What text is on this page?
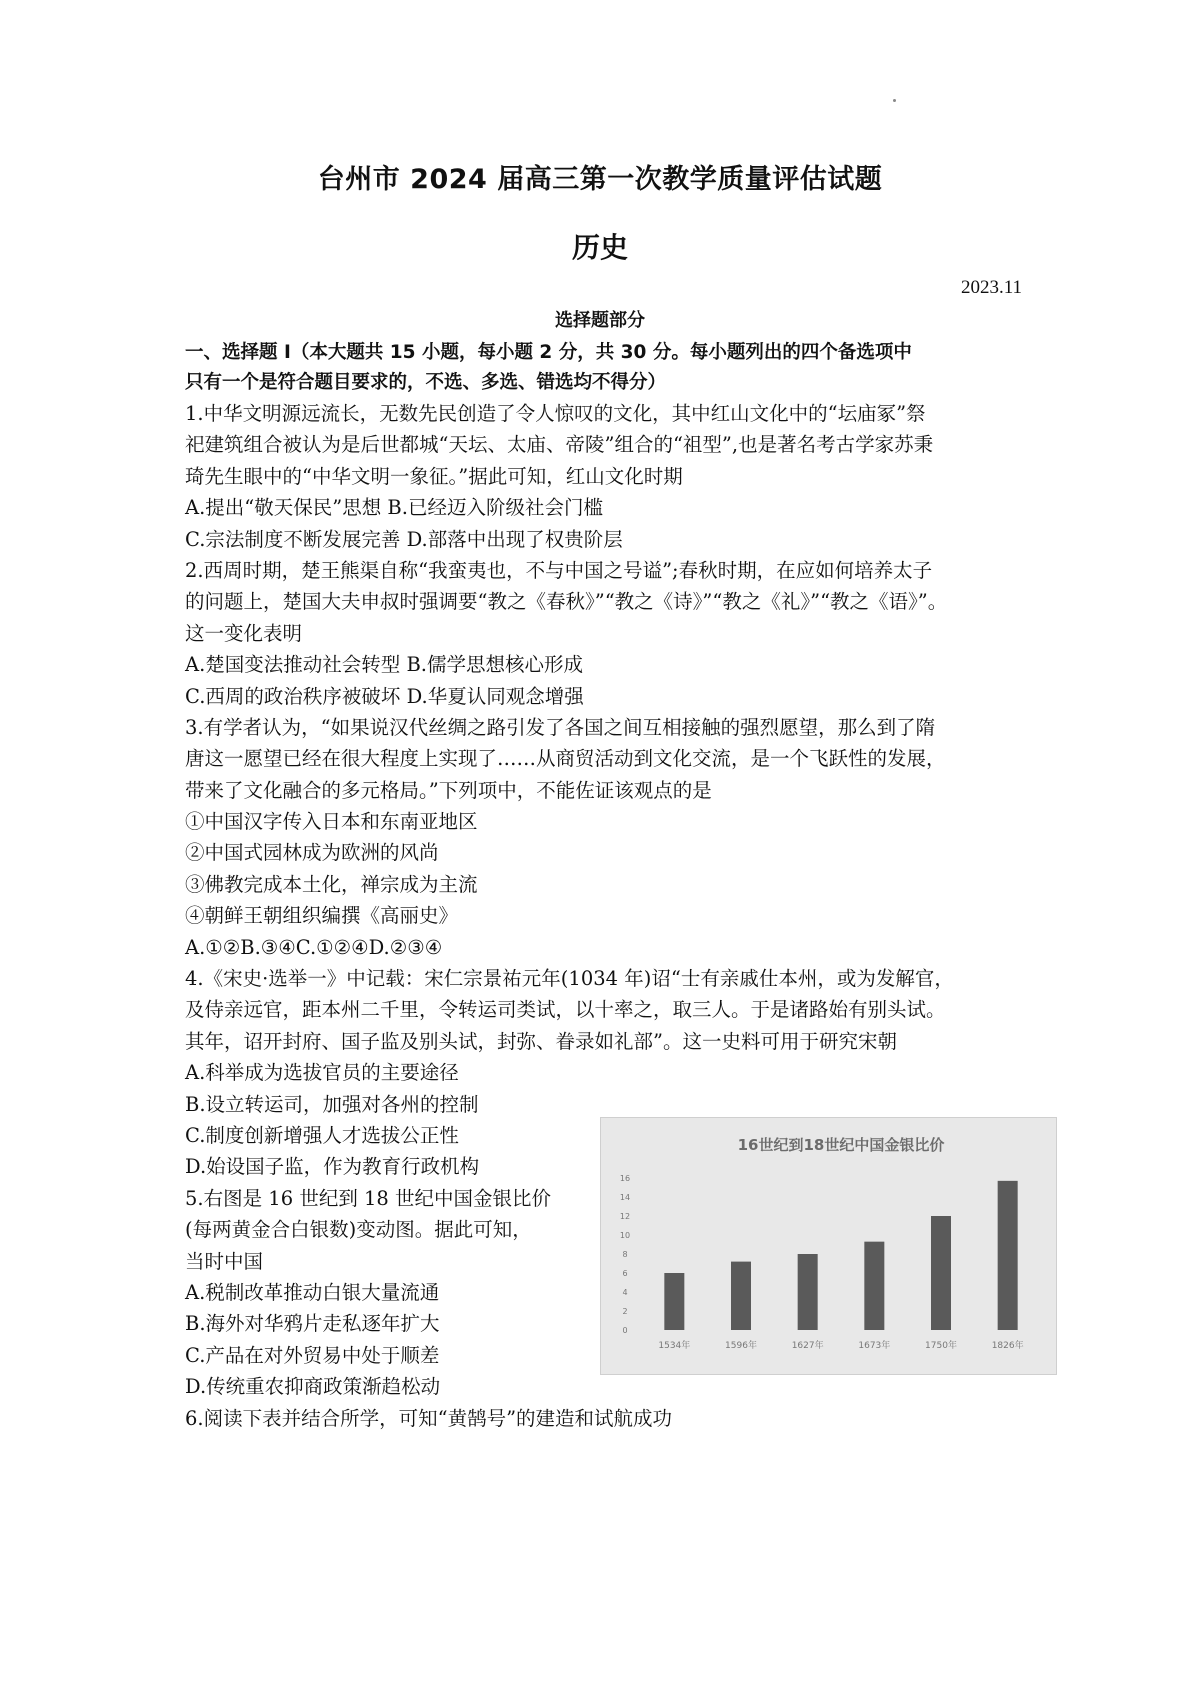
台州市 2024 届高三第一次教学质量评估试题
历史
2023.11
选择题部分
一、选择题 I（本大题共 15 小题，每小题 2 分，共 30 分。每小题列出的四个备选项中
只有一个是符合题目要求的，不选、多选、错选均不得分）
1.中华文明源远流长，无数先民创造了令人惊叹的文化，其中红山文化中的“坛庙冢”祭
祀建筑组合被认为是后世都城“天坛、太庙、帝陵”组合的“祖型”,也是著名考古学家苏秉
琦先生眼中的“中华文明一象征。”据此可知，红山文化时期
A.提出“敬天保民”思想 B.已经迈入阶级社会门槛
C.宗法制度不断发展完善 D.部落中出现了权贵阶层
2.西周时期，楚王熊渠自称“我蛮夷也，不与中国之号谥”;春秋时期，在应如何培养太子
的问题上，楚国大夫申叔时强调要“教之《春秋》”“教之《诗》”“教之《礼》”“教之《语》”。
这一变化表明
A.楚国变法推动社会转型 B.儒学思想核心形成
C.西周的政治秩序被破坏 D.华夏认同观念增强
3.有学者认为，“如果说汉代丝绸之路引发了各国之间互相接触的强烈愿望，那么到了隋
唐这一愿望已经在很大程度上实现了……从商贸活动到文化交流，是一个飞跃性的发展，
带来了文化融合的多元格局。”下列项中，不能佐证该观点的是
①中国汉字传入日本和东南亚地区
②中国式园林成为欧洲的风尚
③佛教完成本土化，禅宗成为主流
④朝鲜王朝组织编撰《高丽史》
A.①②B.③④C.①②④D.②③④
4.《宋史·选举一》中记载：宋仁宗景祐元年(1034 年)诏“士有亲戚仕本州，或为发解官，
及侍亲远官，距本州二千里，令转运司类试，以十率之，取三人。于是诸路始有别头试。
其年，诏开封府、国子监及别头试，封弥、眷录如礼部”。这一史料可用于研究宋朝
A.科举成为选拔官员的主要途径
B.设立转运司，加强对各州的控制
C.制度创新增强人才选拔公正性
D.始设国子监，作为教育行政机构
5.右图是 16 世纪到 18 世纪中国金银比价
(每两黄金合白银数)变动图。据此可知，
当时中国
A.税制改革推动白银大量流通
B.海外对华鸦片走私逐年扩大
C.产品在对外贸易中处于顺差
D.传统重农抑商政策渐趋松动
6.阅读下表并结合所学，可知“黄鹄号”的建造和试航成功
16世纪到18世纪中国金银比价
16
14
12
10
8
6
4
2
0
1534年	1596年	1627年	1673年	1750年	1826年
